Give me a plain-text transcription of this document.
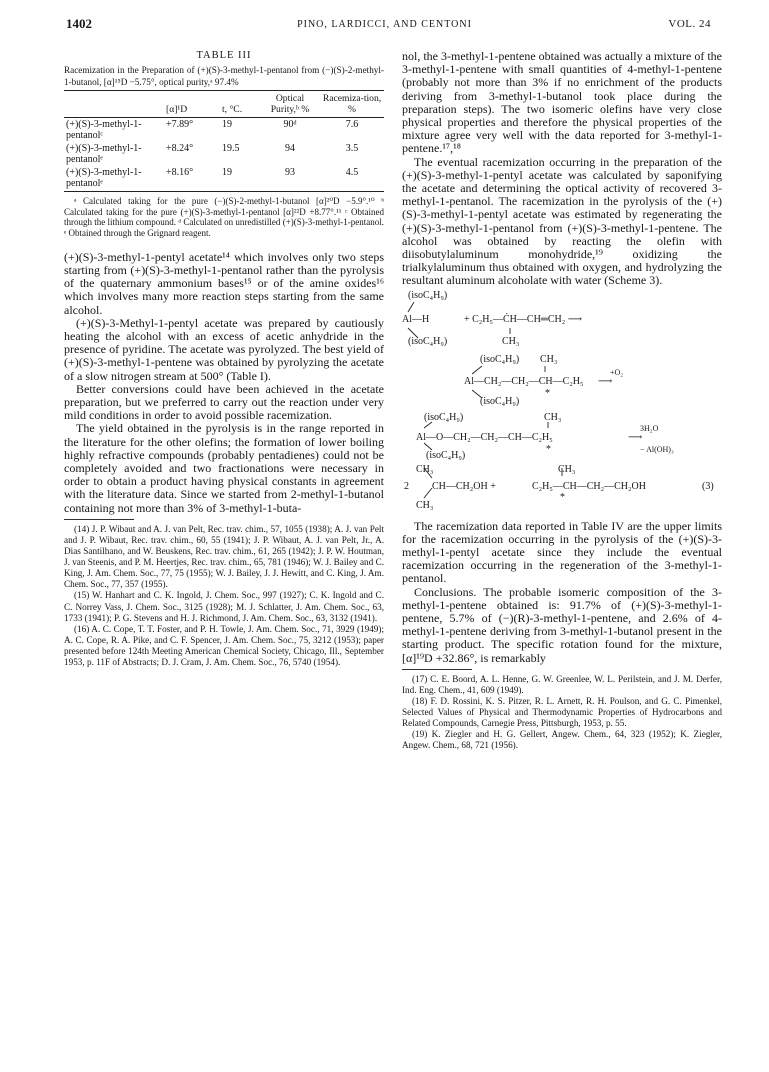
1402	PINO, LARDICCI, AND CENTONI	VOL. 24
TABLE III
Racemization in the Preparation of (+)(S)-3-methyl-1-pentanol from (−)(S)-2-methyl-1-butanol, [α]¹⁵D −5.75°, optical purity,ᵃ 97.4%
	[α]¹D	t, °C.	Optical Purity,ᵇ %	Racemiza-tion, %
(+)(S)-3-methyl-1-pentanolᶜ	+7.89°	19	90ᵈ	7.6
(+)(S)-3-methyl-1-pentanolᵉ	+8.24°	19.5	94	3.5
(+)(S)-3-methyl-1-pentanolᵉ	+8.16°	19	93	4.5
ᵃ Calculated taking for the pure (−)(S)-2-methyl-1-butanol [α]²⁰D −5.9°.¹⁰ ᵇ Calculated taking for the pure (+)(S)-3-methyl-1-pentanol [α]²²D +8.77°.¹¹ ᶜ Obtained through the lithium compound. ᵈ Calculated on unredistilled (+)(S)-3-methyl-1-pentanol. ᵉ Obtained through the Grignard reagent.

(+)(S)-3-methyl-1-pentyl acetate¹⁴ which involves only two steps starting from (+)(S)-3-methyl-1-pentanol rather than the pyrolysis of the quaternary ammonium bases¹⁵ or of the amine oxides¹⁶ which involves many more reaction steps starting from the same alcohol.

(+)(S)-3-Methyl-1-pentyl acetate was prepared by cautiously heating the alcohol with an excess of acetic anhydride in the presence of pyridine. The acetate was pyrolyzed. The best yield of (+)(S)-3-methyl-1-pentene was obtained by pyrolyzing the acetate of a slow nitrogen stream at 500° (Table I).

Better conversions could have been achieved in the acetate preparation, but we preferred to carry out the reaction under very mild conditions in order to avoid possible racemization.

The yield obtained in the pyrolysis is in the range reported in the literature for the other olefins; the formation of lower boiling highly refractive compounds (probably pentadienes) could not be completely avoided and two fractionations were necessary in order to obtain a product having physical constants in agreement with the literature data. Since we started from 2-methyl-1-butanol containing not more than 3% of 3-methyl-1-buta-

(14) J. P. Wibaut and A. J. van Pelt, Rec. trav. chim., 57, 1055 (1938); A. J. van Pelt and J. P. Wibaut, Rec. trav. chim., 60, 55 (1941); J. P. Wibaut, A. J. van Pelt, Jr., A. Dias Santilhano, and W. Beuskens, Rec. trav. chim., 61, 265 (1942); J. P. W. Houtman, J. van Steenis, and P. M. Heertjes, Rec. trav. chim., 65, 781 (1946); W. J. Bailey and C. King, J. Am. Chem. Soc., 77, 75 (1955); W. J. Bailey, J. J. Hewitt, and C. King, J. Am. Chem. Soc., 77, 357 (1955).

(15) W. Hanhart and C. K. Ingold, J. Chem. Soc., 997 (1927); C. K. Ingold and C. C. Norrey Vass, J. Chem. Soc., 3125 (1928); M. J. Schlatter, J. Am. Chem. Soc., 63, 1733 (1941); P. G. Stevens and H. J. Richmond, J. Am. Chem. Soc., 63, 3132 (1941).

(16) A. C. Cope, T. T. Foster, and P. H. Towle, J. Am. Chem. Soc., 71, 3929 (1949); A. C. Cope, R. A. Pike, and C. F. Spencer, J. Am. Chem. Soc., 75, 3212 (1953); paper presented before 124th Meeting American Chemical Society, Chicago, Ill., September 1953, p. 11F of Abstracts; D. J. Cram, J. Am. Chem. Soc., 76, 5740 (1954).

nol, the 3-methyl-1-pentene obtained was actually a mixture of the 3-methyl-1-pentene with small quantities of 4-methyl-1-pentene (probably not more than 3% if no enrichment of the products deriving from 3-methyl-1-butanol took place during the preparation steps). The two isomeric olefins have very close physical properties and therefore the physical properties of the mixture agree very well with the data reported for 3-methyl-1-pentene.¹⁷,¹⁸

The eventual racemization occurring in the preparation of the (+)(S)-3-methyl-1-pentyl acetate was calculated by saponifying the acetate and determining the optical activity of recovered 3-methyl-1-pentanol. The racemization in the pyrolysis of the (+)(S)-3-methyl-1-pentyl acetate was estimated by regenerating the (+)(S)-3-methyl-1-pentanol from (+)(S)-3-methyl-1-pentene. The alcohol was obtained by reacting the olefin with diisobutylaluminum monohydride,¹⁹ oxidizing the trialkylaluminum thus obtained with oxygen, and hydrolyzing the resultant aluminum alcoholate with water (Scheme 3).

(isoC₄H₉)
Al—H	+ C₂H₅—ĊH—CH═CH₂ ⟶
(isoC₄H₉)	CH₃
(isoC₄H₉) CH₃
Al—CH₂—CH₂—CH—C₂H₅
+O₂
⟶
*
(isoC₄H₉)
(isoC₄H₉)	CH₃
Al—O—CH₂—CH₂—CH—C₂H₅
3H₂O
⟶
− Al(OH)₃
*
(isoC₄H₉)
CH₃	CH₃
2 CH—CH₂OH +	C₂H₅—CH—CH₂—CH₂OH	(3)
*
CH₃

The racemization data reported in Table IV are the upper limits for the racemization occurring in the pyrolysis of the (+)(S)-3-methyl-1-pentyl acetate since they include the eventual racemization occurring in the regeneration of the 3-methyl-1-pentanol.

Conclusions. The probable isomeric composition of the 3-methyl-1-pentene obtained is: 91.7% of (+)(S)-3-methyl-1-pentene, 5.7% of (−)(R)-3-methyl-1-pentene, and 2.6% of 4-methyl-1-pentene deriving from 3-methyl-1-butanol present in the starting product. The specific rotation found for the mixture, [α]¹⁹D +32.86°, is remarkably

(17) C. E. Boord, A. L. Henne, G. W. Greenlee, W. L. Perilstein, and J. M. Derfer, Ind. Eng. Chem., 41, 609 (1949).

(18) F. D. Rossini, K. S. Pitzer, R. L. Arnett, R. H. Poulson, and G. C. Pimenkel, Selected Values of Physical and Thermodynamic Properties of Hydrocarbons and Related Compounds, Carnegie Press, Pittsburgh, 1953, p. 55.

(19) K. Ziegler and H. G. Gellert, Angew. Chem., 64, 323 (1952); K. Ziegler, Angew. Chem., 68, 721 (1956).
